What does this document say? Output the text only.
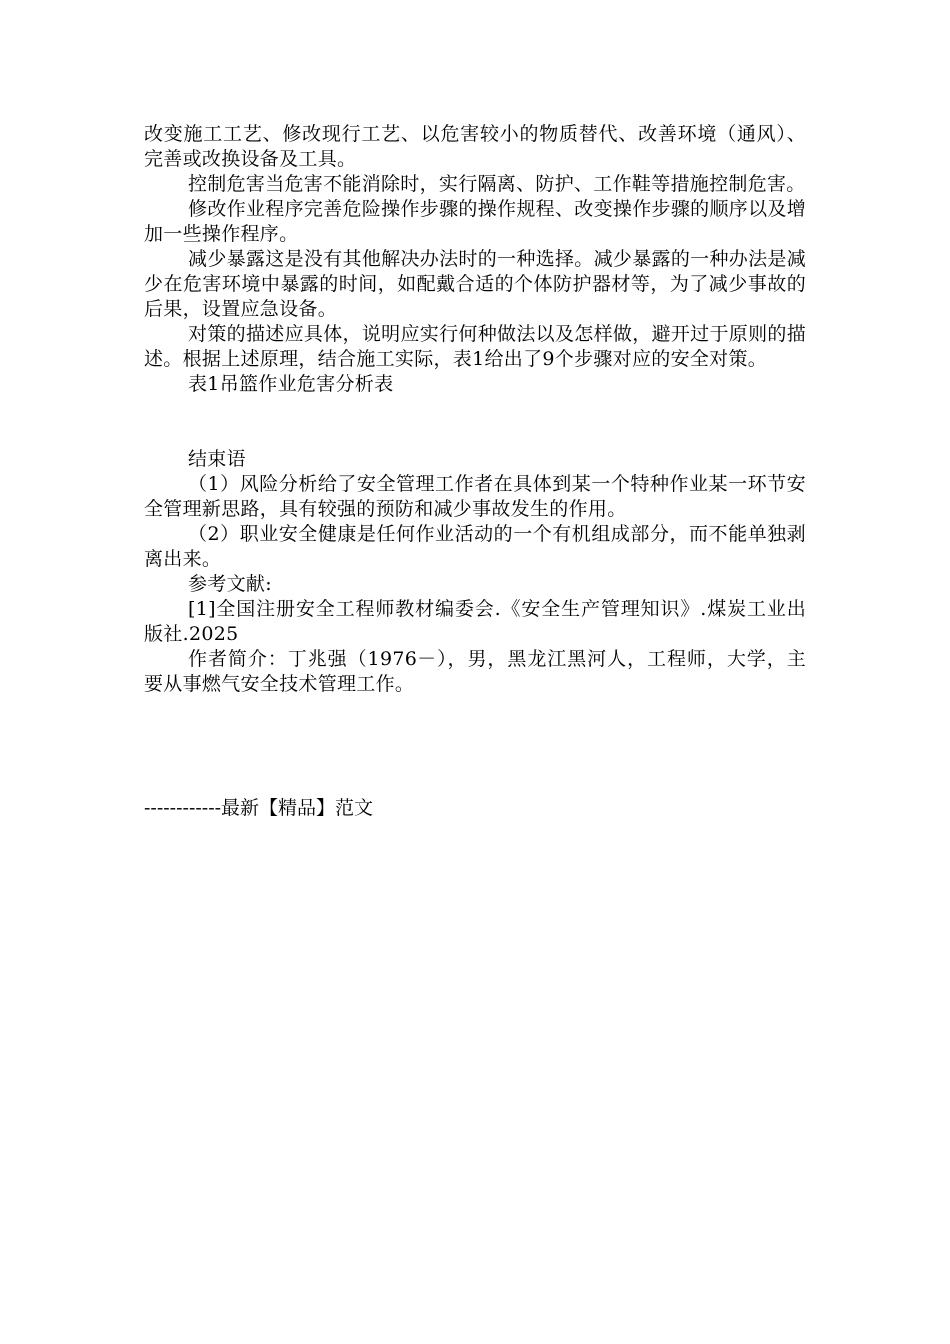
改变施工工艺、修改现行工艺、以危害较小的物质替代、改善环境（通风）、完善或改换设备及工具。

控制危害当危害不能消除时，实行隔离、防护、工作鞋等措施控制危害。

修改作业程序完善危险操作步骤的操作规程、改变操作步骤的顺序以及增加一些操作程序。

减少暴露这是没有其他解决办法时的一种选择。减少暴露的一种办法是减少在危害环境中暴露的时间，如配戴合适的个体防护器材等，为了减少事故的后果，设置应急设备。

对策的描述应具体，说明应实行何种做法以及怎样做，避开过于原则的描述。根据上述原理，结合施工实际，表1给出了9个步骤对应的安全对策。

表1吊篮作业危害分析表

结束语

（1）风险分析给了安全管理工作者在具体到某一个特种作业某一环节安全管理新思路，具有较强的预防和减少事故发生的作用。

（2）职业安全健康是任何作业活动的一个有机组成部分，而不能单独剥离出来。

参考文献:

[1]全国注册安全工程师教材编委会.《安全生产管理知识》.煤炭工业出版社.2025

作者简介：丁兆强（1976－），男，黑龙江黑河人，工程师，大学，主要从事燃气安全技术管理工作。

------------最新【精品】范文
